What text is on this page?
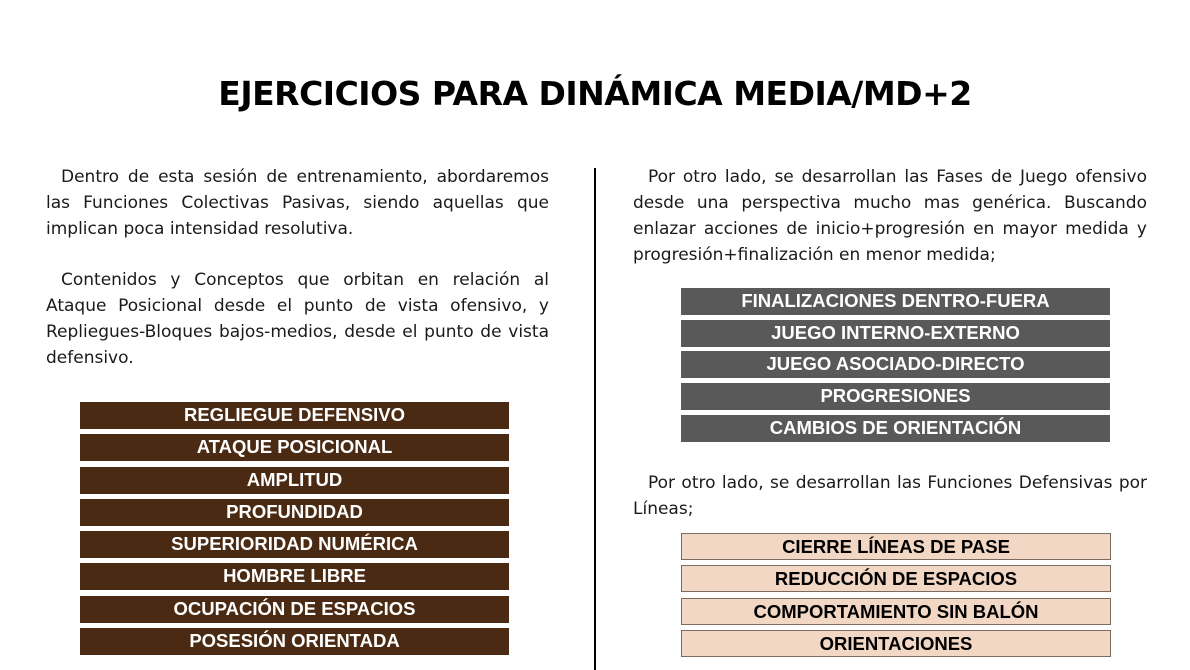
EJERCICIOS PARA DINÁMICA MEDIA/MD+2

Dentro de esta sesión de entrenamiento, abordaremos las Funciones Colectivas Pasivas, siendo aquellas que implican poca intensidad resolutiva.

Contenidos y Conceptos que orbitan en relación al Ataque Posicional desde el punto de vista ofensivo, y Repliegues-Bloques bajos-medios, desde el punto de vista defensivo.

REGLIEGUE DEFENSIVO
ATAQUE POSICIONAL
AMPLITUD
PROFUNDIDAD
SUPERIORIDAD NUMÉRICA
HOMBRE LIBRE
OCUPACIÓN DE ESPACIOS
POSESIÓN ORIENTADA

Por otro lado, se desarrollan las Fases de Juego ofensivo desde una perspectiva mucho mas genérica. Buscando enlazar acciones de inicio+progresión en mayor medida y progresión+finalización en menor medida;

FINALIZACIONES DENTRO-FUERA
JUEGO INTERNO-EXTERNO
JUEGO ASOCIADO-DIRECTO
PROGRESIONES
CAMBIOS DE ORIENTACIÓN

Por otro lado, se desarrollan las Funciones Defensivas por Líneas;

CIERRE LÍNEAS DE PASE
REDUCCIÓN DE ESPACIOS
COMPORTAMIENTO SIN BALÓN
ORIENTACIONES
